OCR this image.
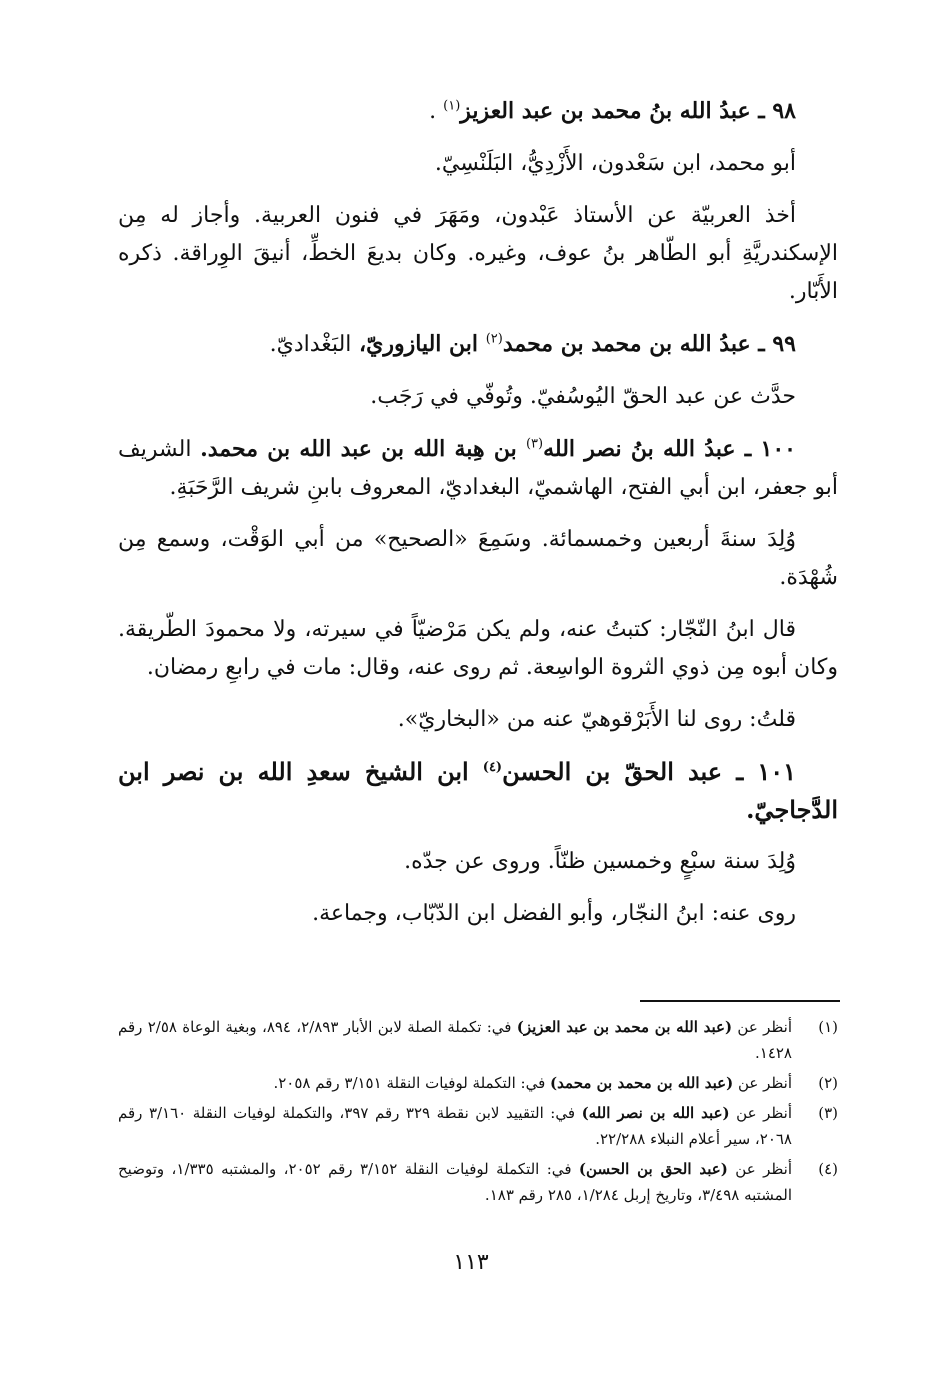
٩٨ ـ عبدُ الله بنُ محمد بن عبد العزيز$^{(١)}$ .

أبو محمد، ابن سَعْدون، الأَزْدِيُّ، البَلَنْسِيّ.

أخذ العربيّة عن الأستاذ عَبْدون، ومَهَرَ في فنون العربية. وأجاز له مِن الإسكندريَّةِ أبو الطّاهر بنُ عوف، وغيره. وكان بديعَ الخطِّ، أنيقَ الوِراقة. ذكره الأَبّار.

٩٩ ـ عبدُ الله بن محمد بن محمد$^{(٢)}$ ابن اليازوريّ، البَغْداديّ.

حدَّث عن عبد الحقّ اليُوسُفيّ. وتُوفّي في رَجَب.

١٠٠ ـ عبدُ الله بنُ نصر الله$^{(٣)}$ بن هِبة الله بن عبد الله بن محمد. الشريف أبو جعفر، ابن أبي الفتح، الهاشميّ، البغداديّ، المعروف بابنِ شريف الرَّحَبَةِ.

وُلِدَ سنةَ أربعين وخمسمائة. وسَمِعَ «الصحيح» من أبي الوَقْت، وسمع مِن شُهْدَة.

قال ابنُ النّجّار: كتبتُ عنه، ولم يكن مَرْضيّاً في سيرته، ولا محمودَ الطّريقة. وكان أبوه مِن ذوي الثروة الواسِعة. ثم روى عنه، وقال: مات في رابعِ رمضان.

قلتُ: روى لنا الأَبَرْقوهيّ عنه من «البخاريّ».

١٠١ ـ عبد الحقّ بن الحسن$^{(٤)}$ ابن الشيخ سعدِ الله بن نصر ابن الدَّجاجيّ.

وُلِدَ سنة سبْعٍ وخمسين ظنّاً. وروى عن جدّه.

روى عنه: ابنُ النجّار، وأبو الفضل ابن الدّبّاب، وجماعة.

(١)
أنظر عن (عبد الله بن محمد بن عبد العزيز) في: تكملة الصلة لابن الأبار ٢/٨٩٣، ٨٩٤، وبغية الوعاة ٢/٥٨ رقم ١٤٢٨.
(٢)
أنظر عن (عبد الله بن محمد بن محمد) في: التكملة لوفيات النقلة ٣/١٥١ رقم ٢٠٥٨.
(٣)
أنظر عن (عبد الله بن نصر الله) في: التقييد لابن نقطة ٣٢٩ رقم ٣٩٧، والتكملة لوفيات النقلة ٣/١٦٠ رقم ٢٠٦٨، سير أعلام النبلاء ٢٢/٢٨٨.
(٤)
أنظر عن (عبد الحق بن الحسن) في: التكملة لوفيات النقلة ٣/١٥٢ رقم ٢٠٥٢، والمشتبه ١/٣٣٥، وتوضيح المشتبه ٣/٤٩٨، وتاريخ إربل ١/٢٨٤، ٢٨٥ رقم ١٨٣.
١١٣
